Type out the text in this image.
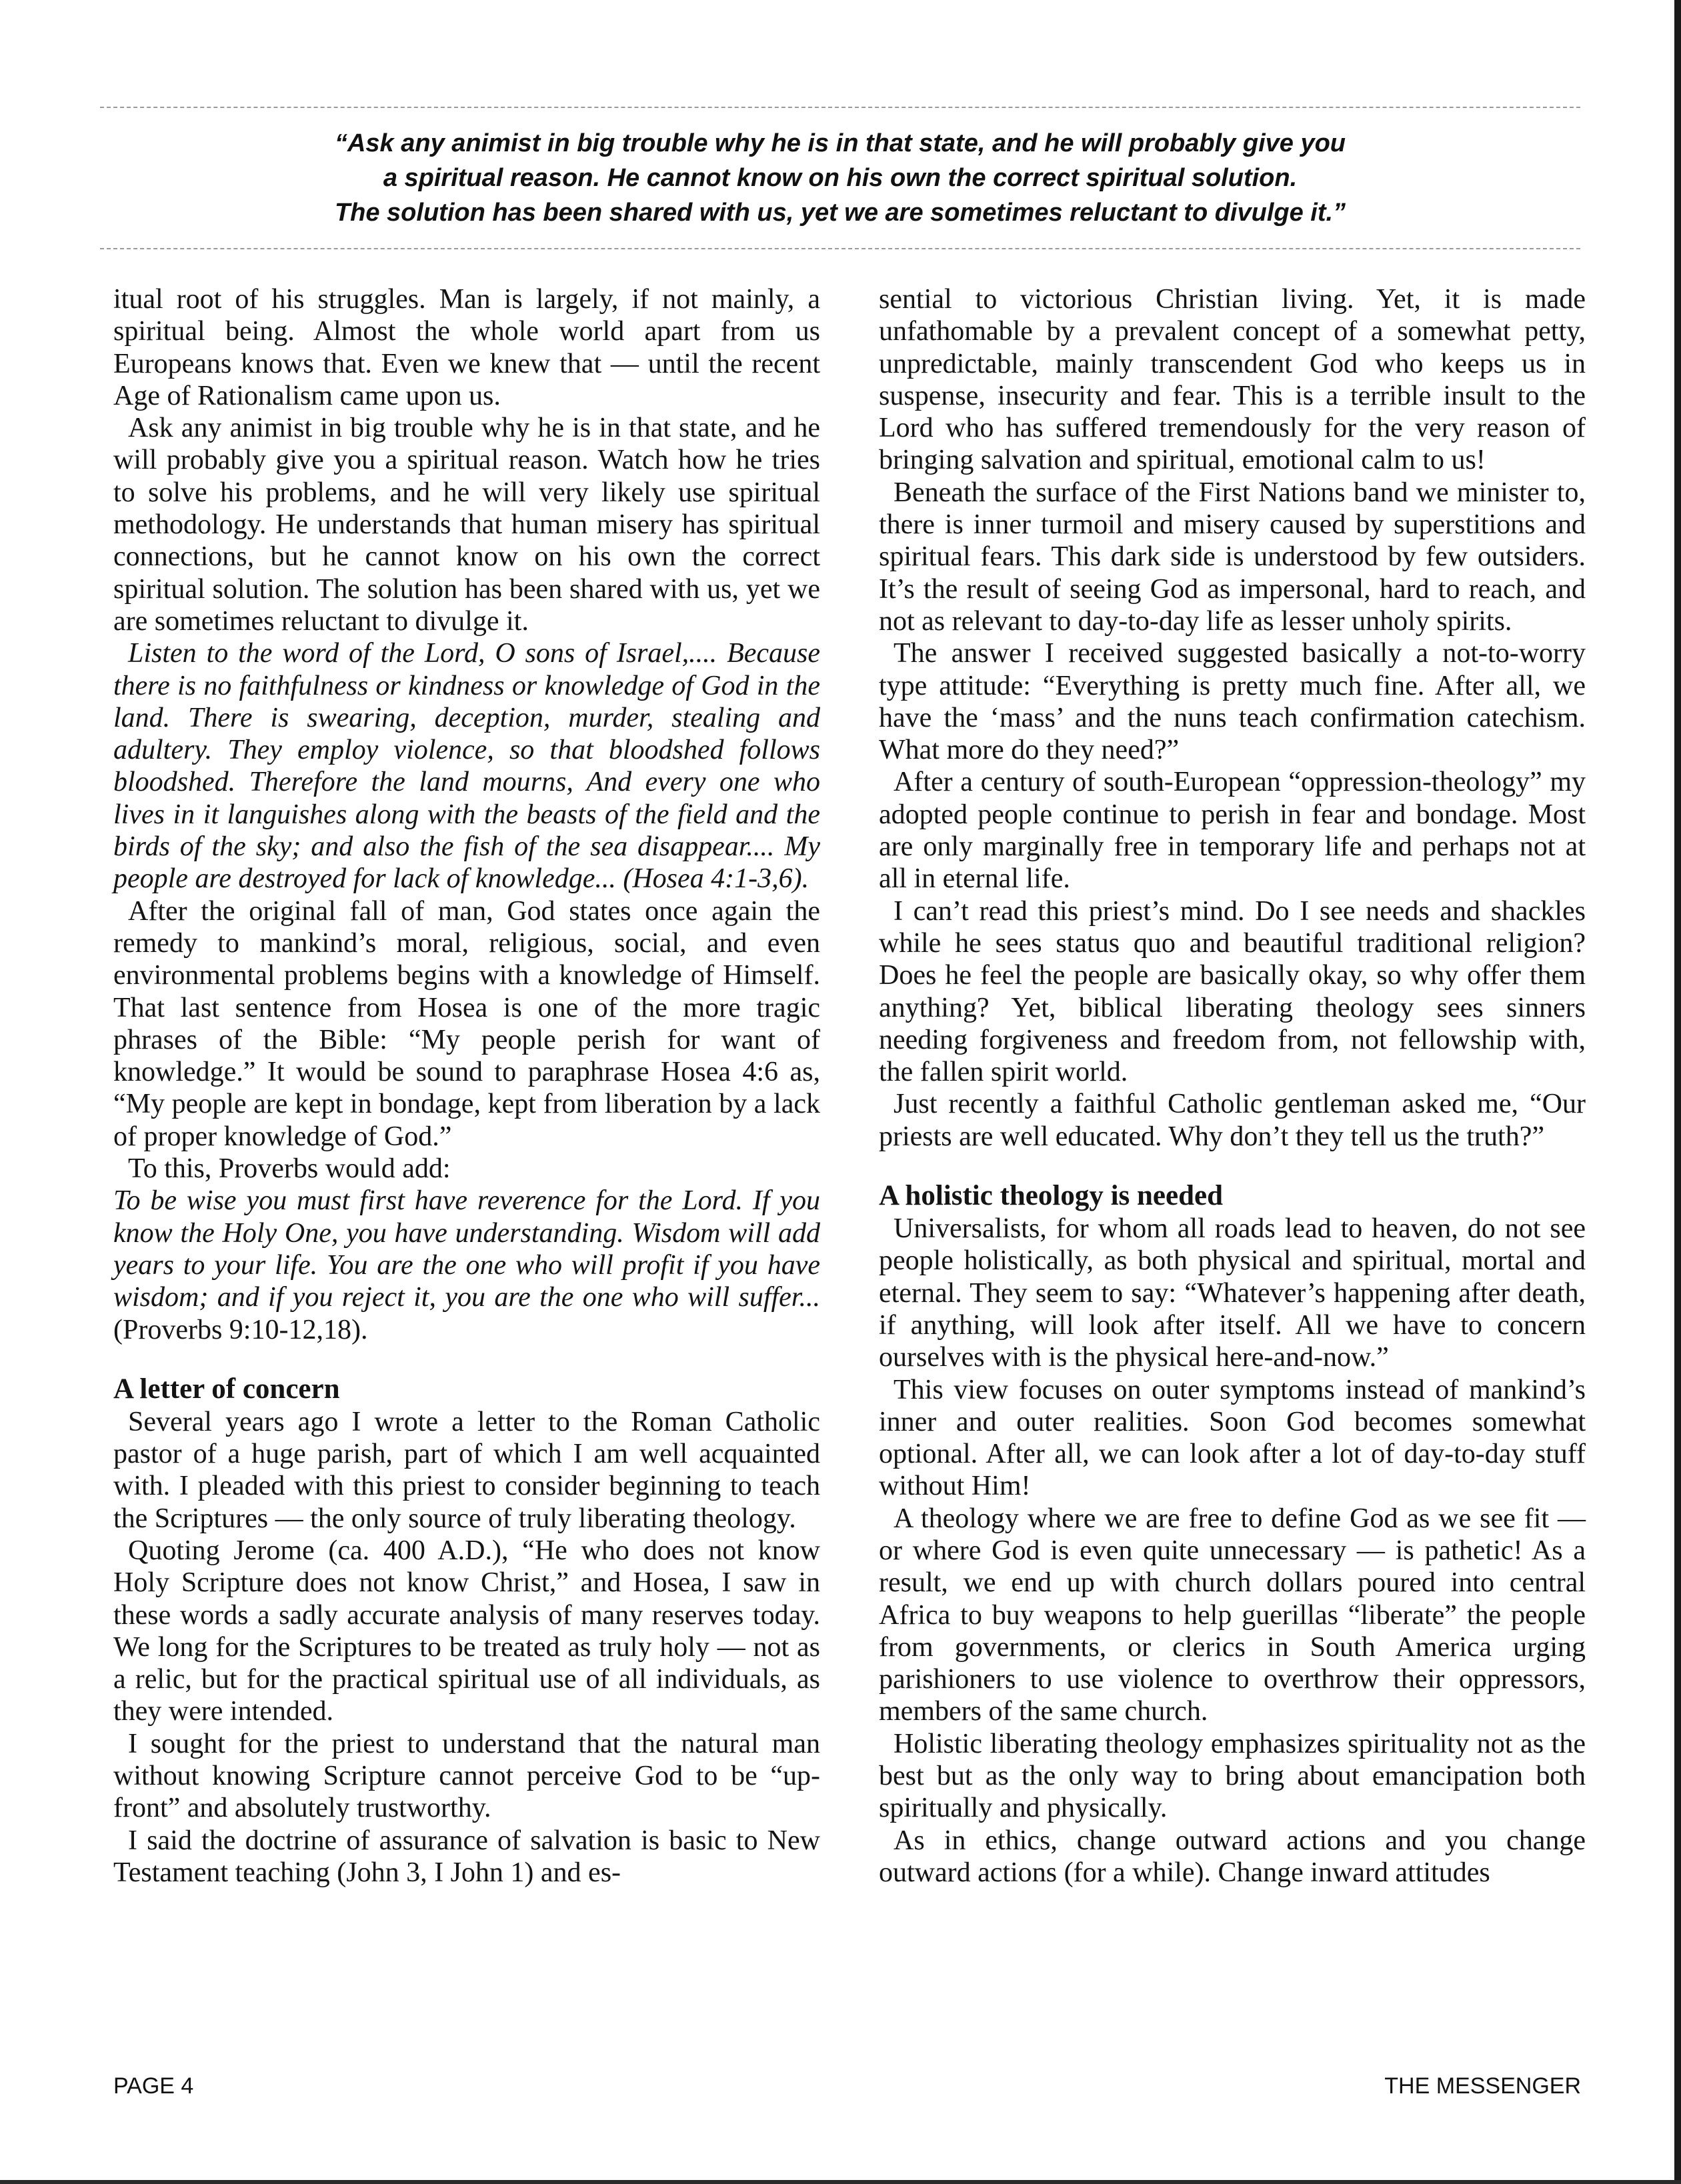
“Ask any animist in big trouble why he is in that state, and he will probably give you
a spiritual reason. He cannot know on his own the correct spiritual solution.
The solution has been shared with us, yet we are sometimes reluctant to divulge it.”

itual root of his struggles. Man is largely, if not mainly, a spiritual being. Almost the whole world apart from us Europeans knows that. Even we knew that — until the recent Age of Rationalism came upon us.

Ask any animist in big trouble why he is in that state, and he will probably give you a spiritual reason. Watch how he tries to solve his problems, and he will very likely use spiritual methodology. He understands that human misery has spiritual connections, but he cannot know on his own the correct spiritual solution. The solution has been shared with us, yet we are sometimes reluctant to divulge it.

Listen to the word of the Lord, O sons of Israel,.... Because there is no faithfulness or kindness or knowledge of God in the land. There is swearing, deception, murder, stealing and adultery. They employ violence, so that bloodshed follows bloodshed. Therefore the land mourns, And every one who lives in it languishes along with the beasts of the field and the birds of the sky; and also the fish of the sea disappear.... My people are destroyed for lack of knowledge... (Hosea 4:1-3,6).

After the original fall of man, God states once again the remedy to mankind’s moral, religious, social, and even environmental problems begins with a knowledge of Himself. That last sentence from Hosea is one of the more tragic phrases of the Bible: “My people perish for want of knowledge.” It would be sound to paraphrase Hosea 4:6 as, “My people are kept in bondage, kept from liberation by a lack of proper knowledge of God.”

To this, Proverbs would add:

To be wise you must first have reverence for the Lord. If you know the Holy One, you have understanding. Wisdom will add years to your life. You are the one who will profit if you have wisdom; and if you reject it, you are the one who will suffer... (Proverbs 9:10-12,18).

A letter of concern

Several years ago I wrote a letter to the Roman Catholic pastor of a huge parish, part of which I am well acquainted with. I pleaded with this priest to consider beginning to teach the Scriptures — the only source of truly liberating theology.

Quoting Jerome (ca. 400 A.D.), “He who does not know Holy Scripture does not know Christ,” and Hosea, I saw in these words a sadly accurate analysis of many reserves today. We long for the Scriptures to be treated as truly holy — not as a relic, but for the practical spiritual use of all individuals, as they were intended.

I sought for the priest to understand that the natural man without knowing Scripture cannot perceive God to be “up-front” and absolutely trustworthy.

I said the doctrine of assurance of salvation is basic to New Testament teaching (John 3, I John 1) and es-

sential to victorious Christian living. Yet, it is made unfathomable by a prevalent concept of a somewhat petty, unpredictable, mainly transcendent God who keeps us in suspense, insecurity and fear. This is a terrible insult to the Lord who has suffered tremendously for the very reason of bringing salvation and spiritual, emotional calm to us!

Beneath the surface of the First Nations band we minister to, there is inner turmoil and misery caused by superstitions and spiritual fears. This dark side is understood by few outsiders. It’s the result of seeing God as impersonal, hard to reach, and not as relevant to day-to-day life as lesser unholy spirits.

The answer I received suggested basically a not-to-worry type attitude: “Everything is pretty much fine. After all, we have the ‘mass’ and the nuns teach confirmation catechism. What more do they need?”

After a century of south-European “oppression-theology” my adopted people continue to perish in fear and bondage. Most are only marginally free in temporary life and perhaps not at all in eternal life.

I can’t read this priest’s mind. Do I see needs and shackles while he sees status quo and beautiful traditional religion? Does he feel the people are basically okay, so why offer them anything? Yet, biblical liberating theology sees sinners needing forgiveness and freedom from, not fellowship with, the fallen spirit world.

Just recently a faithful Catholic gentleman asked me, “Our priests are well educated. Why don’t they tell us the truth?”

A holistic theology is needed

Universalists, for whom all roads lead to heaven, do not see people holistically, as both physical and spiritual, mortal and eternal. They seem to say: “Whatever’s happening after death, if anything, will look after itself. All we have to concern ourselves with is the physical here-and-now.”

This view focuses on outer symptoms instead of mankind’s inner and outer realities. Soon God becomes somewhat optional. After all, we can look after a lot of day-to-day stuff without Him!

A theology where we are free to define God as we see fit — or where God is even quite unnecessary — is pathetic! As a result, we end up with church dollars poured into central Africa to buy weapons to help guerillas “liberate” the people from governments, or clerics in South America urging parishioners to use violence to overthrow their oppressors, members of the same church.

Holistic liberating theology emphasizes spirituality not as the best but as the only way to bring about emancipation both spiritually and physically.

As in ethics, change outward actions and you change outward actions (for a while). Change inward attitudes

PAGE 4	THE MESSENGER
